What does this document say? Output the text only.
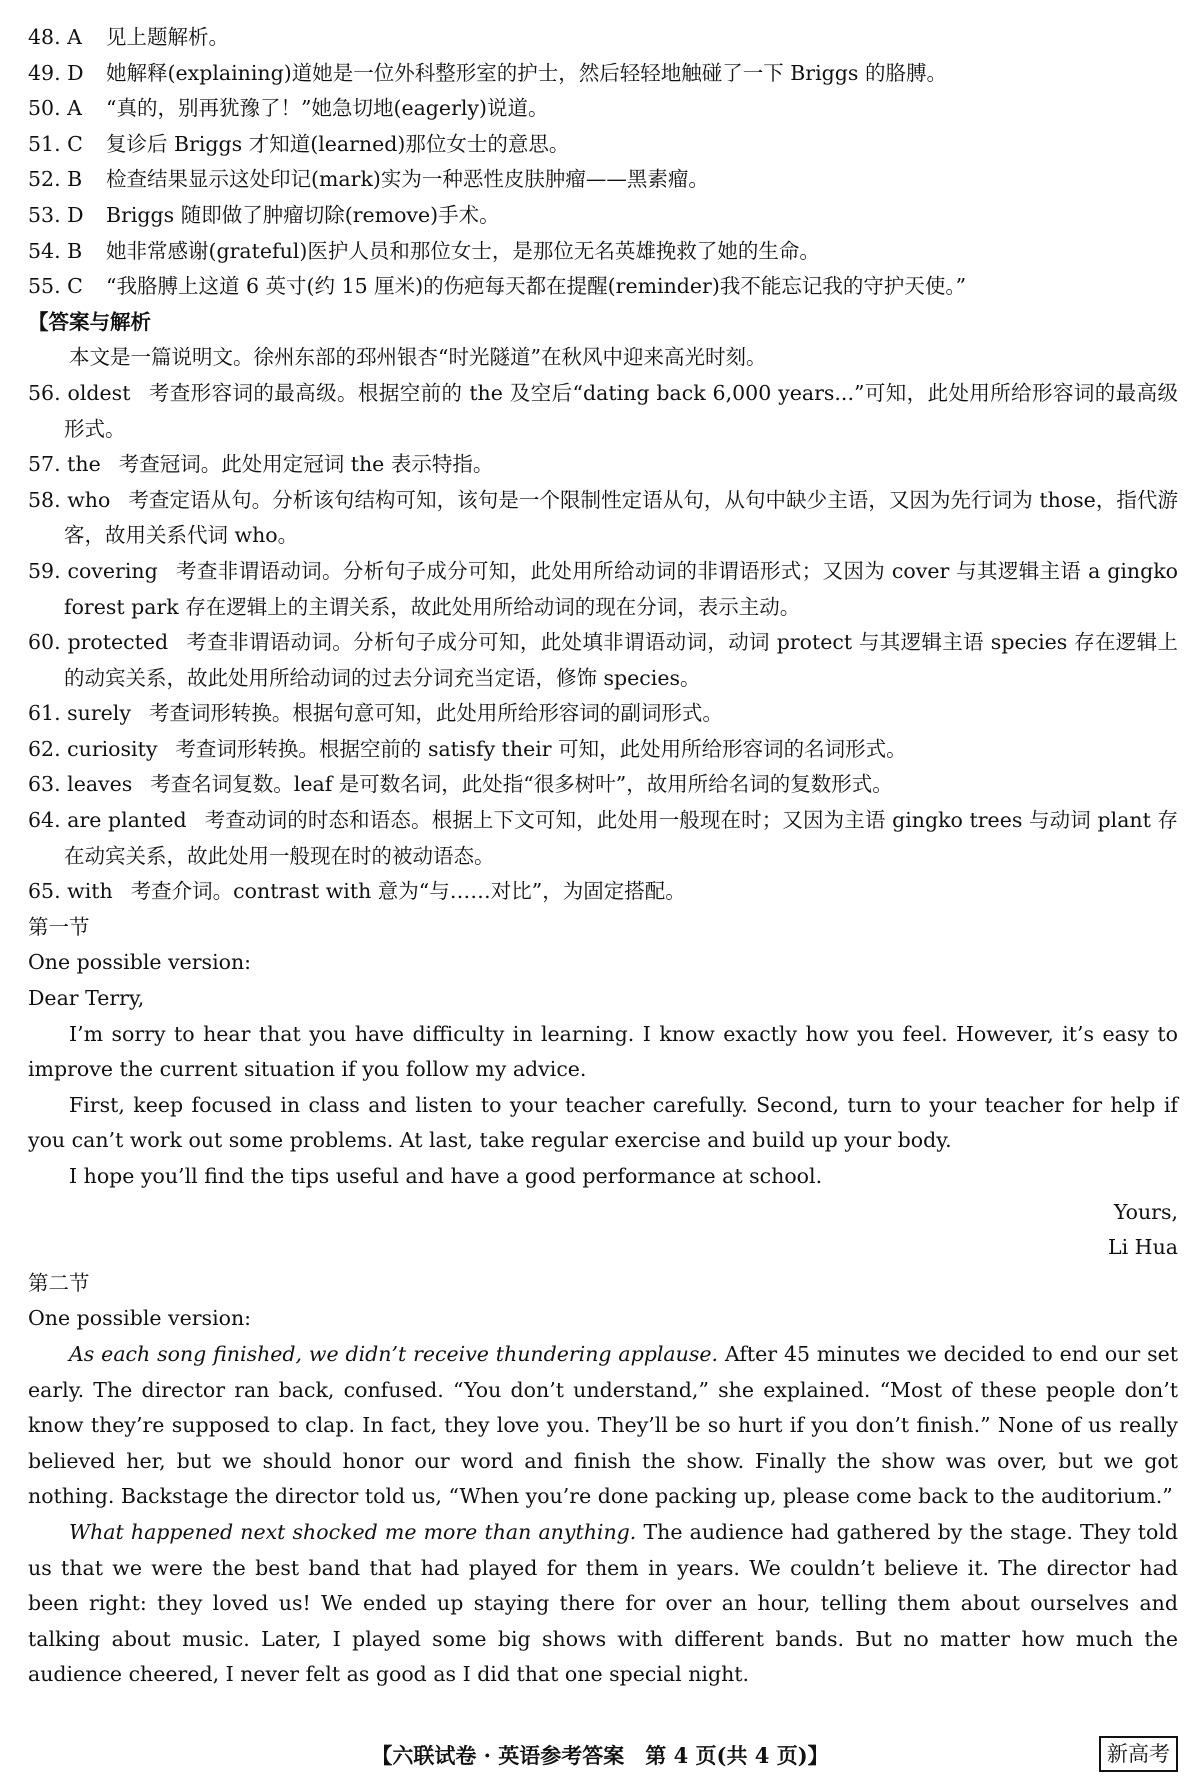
48. A 见上题解析。

49. D 她解释(explaining)道她是一位外科整形室的护士，然后轻轻地触碰了一下 Briggs 的胳膊。

50. A “真的，别再犹豫了！”她急切地(eagerly)说道。

51. C 复诊后 Briggs 才知道(learned)那位女士的意思。

52. B 检查结果显示这处印记(mark)实为一种恶性皮肤肿瘤——黑素瘤。

53. D Briggs 随即做了肿瘤切除(remove)手术。

54. B 她非常感谢(grateful)医护人员和那位女士，是那位无名英雄挽救了她的生命。

55. C “我胳膊上这道 6 英寸(约 15 厘米)的伤疤每天都在提醒(reminder)我不能忘记我的守护天使。”

【答案与解析

本文是一篇说明文。徐州东部的邳州银杏“时光隧道”在秋风中迎来高光时刻。

56. oldest 考查形容词的最高级。根据空前的 the 及空后“dating back 6,000 years...”可知，此处用所给形容词的最高级形式。

57. the 考查冠词。此处用定冠词 the 表示特指。

58. who 考查定语从句。分析该句结构可知，该句是一个限制性定语从句，从句中缺少主语，又因为先行词为 those，指代游客，故用关系代词 who。

59. covering 考查非谓语动词。分析句子成分可知，此处用所给动词的非谓语形式；又因为 cover 与其逻辑主语 a gingko forest park 存在逻辑上的主谓关系，故此处用所给动词的现在分词，表示主动。

60. protected 考查非谓语动词。分析句子成分可知，此处填非谓语动词，动词 protect 与其逻辑主语 species 存在逻辑上的动宾关系，故此处用所给动词的过去分词充当定语，修饰 species。

61. surely 考查词形转换。根据句意可知，此处用所给形容词的副词形式。

62. curiosity 考查词形转换。根据空前的 satisfy their 可知，此处用所给形容词的名词形式。

63. leaves 考查名词复数。leaf 是可数名词，此处指“很多树叶”，故用所给名词的复数形式。

64. are planted 考查动词的时态和语态。根据上下文可知，此处用一般现在时；又因为主语 gingko trees 与动词 plant 存在动宾关系，故此处用一般现在时的被动语态。

65. with 考查介词。contrast with 意为“与……对比”，为固定搭配。

第一节

One possible version:

Dear Terry,

I’m sorry to hear that you have difficulty in learning. I know exactly how you feel. However, it’s easy to improve the current situation if you follow my advice.

First, keep focused in class and listen to your teacher carefully. Second, turn to your teacher for help if you can’t work out some problems. At last, take regular exercise and build up your body.

I hope you’ll find the tips useful and have a good performance at school.

Yours,

Li Hua

第二节

One possible version:

As each song finished, we didn’t receive thundering applause. After 45 minutes we decided to end our set early. The director ran back, confused. “You don’t understand,” she explained. “Most of these people don’t know they’re supposed to clap. In fact, they love you. They’ll be so hurt if you don’t finish.” None of us really believed her, but we should honor our word and finish the show. Finally the show was over, but we got nothing. Backstage the director told us, “When you’re done packing up, please come back to the auditorium.”

What happened next shocked me more than anything. The audience had gathered by the stage. They told us that we were the best band that had played for them in years. We couldn’t believe it. The director had been right: they loved us! We ended up staying there for over an hour, telling them about ourselves and talking about music. Later, I played some big shows with different bands. But no matter how much the audience cheered, I never felt as good as I did that one special night.

【六联试卷 · 英语参考答案　第 4 页(共 4 页)】	新高考
